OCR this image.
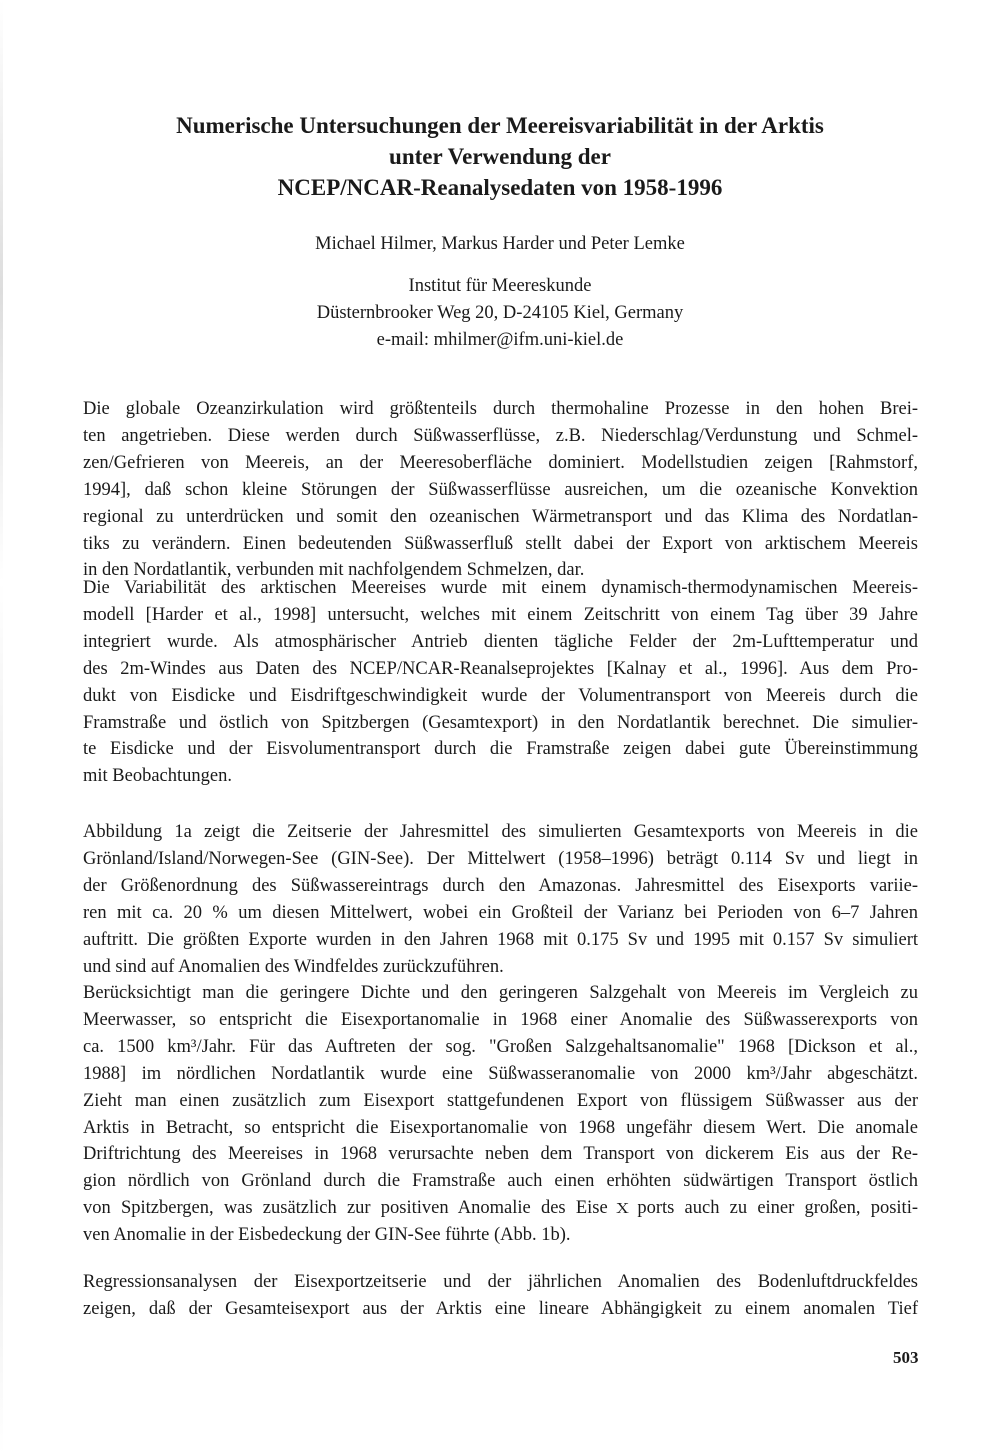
Numerische Untersuchungen der Meereisvariabilität in der Arktis
unter Verwendung der
NCEP/NCAR-Reanalysedaten von 1958-1996
Michael Hilmer, Markus Harder und Peter Lemke
Institut für Meereskunde
Düsternbrooker Weg 20, D-24105 Kiel, Germany
e-mail: mhilmer@ifm.uni-kiel.de
Die globale Ozeanzirkulation wird größtenteils durch thermohaline Prozesse in den hohen Brei-
ten angetrieben. Diese werden durch Süßwasserflüsse, z.B. Niederschlag/Verdunstung und Schmel-
zen/Gefrieren von Meereis, an der Meeresoberfläche dominiert. Modellstudien zeigen [Rahmstorf,
1994], daß schon kleine Störungen der Süßwasserflüsse ausreichen, um die ozeanische Konvektion
regional zu unterdrücken und somit den ozeanischen Wärmetransport und das Klima des Nordatlan-
tiks zu verändern. Einen bedeutenden Süßwasserfluß stellt dabei der Export von arktischem Meereis
in den Nordatlantik, verbunden mit nachfolgendem Schmelzen, dar.
Die Variabilität des arktischen Meereises wurde mit einem dynamisch-thermodynamischen Meereis-
modell [Harder et al., 1998] untersucht, welches mit einem Zeitschritt von einem Tag über 39 Jahre
integriert wurde. Als atmosphärischer Antrieb dienten tägliche Felder der 2m-Lufttemperatur und
des 2m-Windes aus Daten des NCEP/NCAR-Reanalseprojektes [Kalnay et al., 1996]. Aus dem Pro-
dukt von Eisdicke und Eisdriftgeschwindigkeit wurde der Volumentransport von Meereis durch die
Framstraße und östlich von Spitzbergen (Gesamtexport) in den Nordatlantik berechnet. Die simulier-
te Eisdicke und der Eisvolumentransport durch die Framstraße zeigen dabei gute Übereinstimmung
mit Beobachtungen.
Abbildung 1a zeigt die Zeitserie der Jahresmittel des simulierten Gesamtexports von Meereis in die
Grönland/Island/Norwegen-See (GIN-See). Der Mittelwert (1958–1996) beträgt 0.114 Sv und liegt in
der Größenordnung des Süßwassereintrags durch den Amazonas. Jahresmittel des Eisexports variie-
ren mit ca. 20 % um diesen Mittelwert, wobei ein Großteil der Varianz bei Perioden von 6–7 Jahren
auftritt. Die größten Exporte wurden in den Jahren 1968 mit 0.175 Sv und 1995 mit 0.157 Sv simuliert
und sind auf Anomalien des Windfeldes zurückzuführen.
Berücksichtigt man die geringere Dichte und den geringeren Salzgehalt von Meereis im Vergleich zu
Meerwasser, so entspricht die Eisexportanomalie in 1968 einer Anomalie des Süßwasserexports von
ca. 1500 km³/Jahr. Für das Auftreten der sog. "Großen Salzgehaltsanomalie" 1968 [Dickson et al.,
1988] im nördlichen Nordatlantik wurde eine Süßwasseranomalie von 2000 km³/Jahr abgeschätzt.
Zieht man einen zusätzlich zum Eisexport stattgefundenen Export von flüssigem Süßwasser aus der
Arktis in Betracht, so entspricht die Eisexportanomalie von 1968 ungefähr diesem Wert. Die anomale
Driftrichtung des Meereises in 1968 verursachte neben dem Transport von dickerem Eis aus der Re-
gion nördlich von Grönland durch die Framstraße auch einen erhöhten südwärtigen Transport östlich
von Spitzbergen, was zusätzlich zur positiven Anomalie des Eiseｘports auch zu einer großen, positi-
ven Anomalie in der Eisbedeckung der GIN-See führte (Abb. 1b).
Regressionsanalysen der Eisexportzeitserie und der jährlichen Anomalien des Bodenluftdruckfeldes
zeigen, daß der Gesamteisexport aus der Arktis eine lineare Abhängigkeit zu einem anomalen Tief
503
